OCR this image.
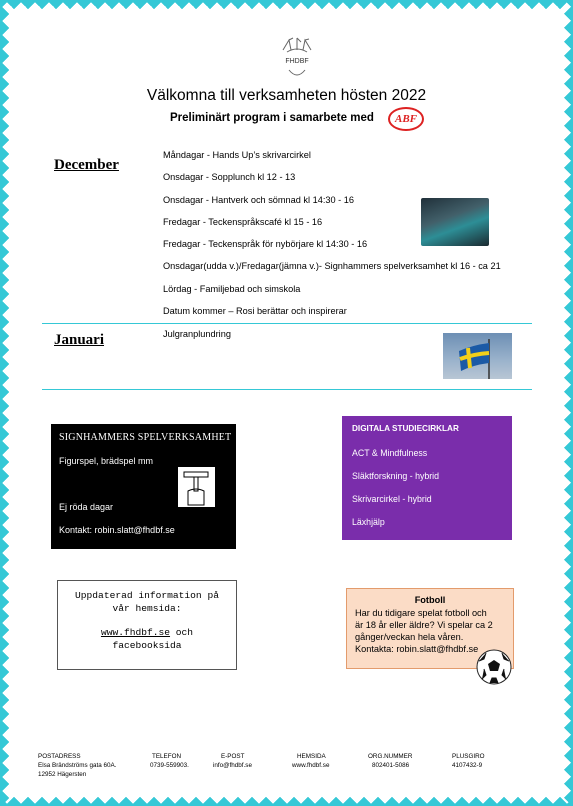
FHDBF
Välkomna till verksamheten hösten 2022
Preliminärt program i samarbete med	ABF
December
Måndagar - Hands Up’s skrivarcirkel
Onsdagar - Sopplunch kl 12 - 13
Onsdagar - Hantverk och sömnad kl 14:30 - 16
Fredagar - Teckenspråkscafé kl 15 - 16
Fredagar - Teckenspråk för nybörjare kl 14:30 - 16
Onsdagar(udda v.)/Fredagar(jämna v.)- Signhammers spelverksamhet kl 16 - ca 21
Lördag - Familjebad och simskola
Datum kommer – Rosi berättar och inspirerar
Januari	Julgranplundring
SIGNHAMMERS SPELVERKSAMHET
Figurspel, brädspel mm
Ej röda dagar
Kontakt: robin.slatt@fhdbf.se
DIGITALA STUDIECIRKLAR
ACT & Mindfulness
Släktforskning - hybrid
Skrivarcirkel - hybrid
Läxhjälp
Uppdaterad information på
vår hemsida:
www.fhdbf.se och
facebooksida
Fotboll
Har du tidigare spelat fotboll och
är 18 år eller äldre? Vi spelar ca 2
gånger/veckan hela våren.
Kontakta: robin.slatt@fhdbf.se
POSTADRESS
Elsa Brändströms gata 60A.
12952 Hägersten
TELEFON
0739-559903.
E-POST
info@fhdbf.se
HEMSIDA
www.fhdbf.se
ORG.NUMMER
802401-5086
PLUSGIRO
4107432-9
